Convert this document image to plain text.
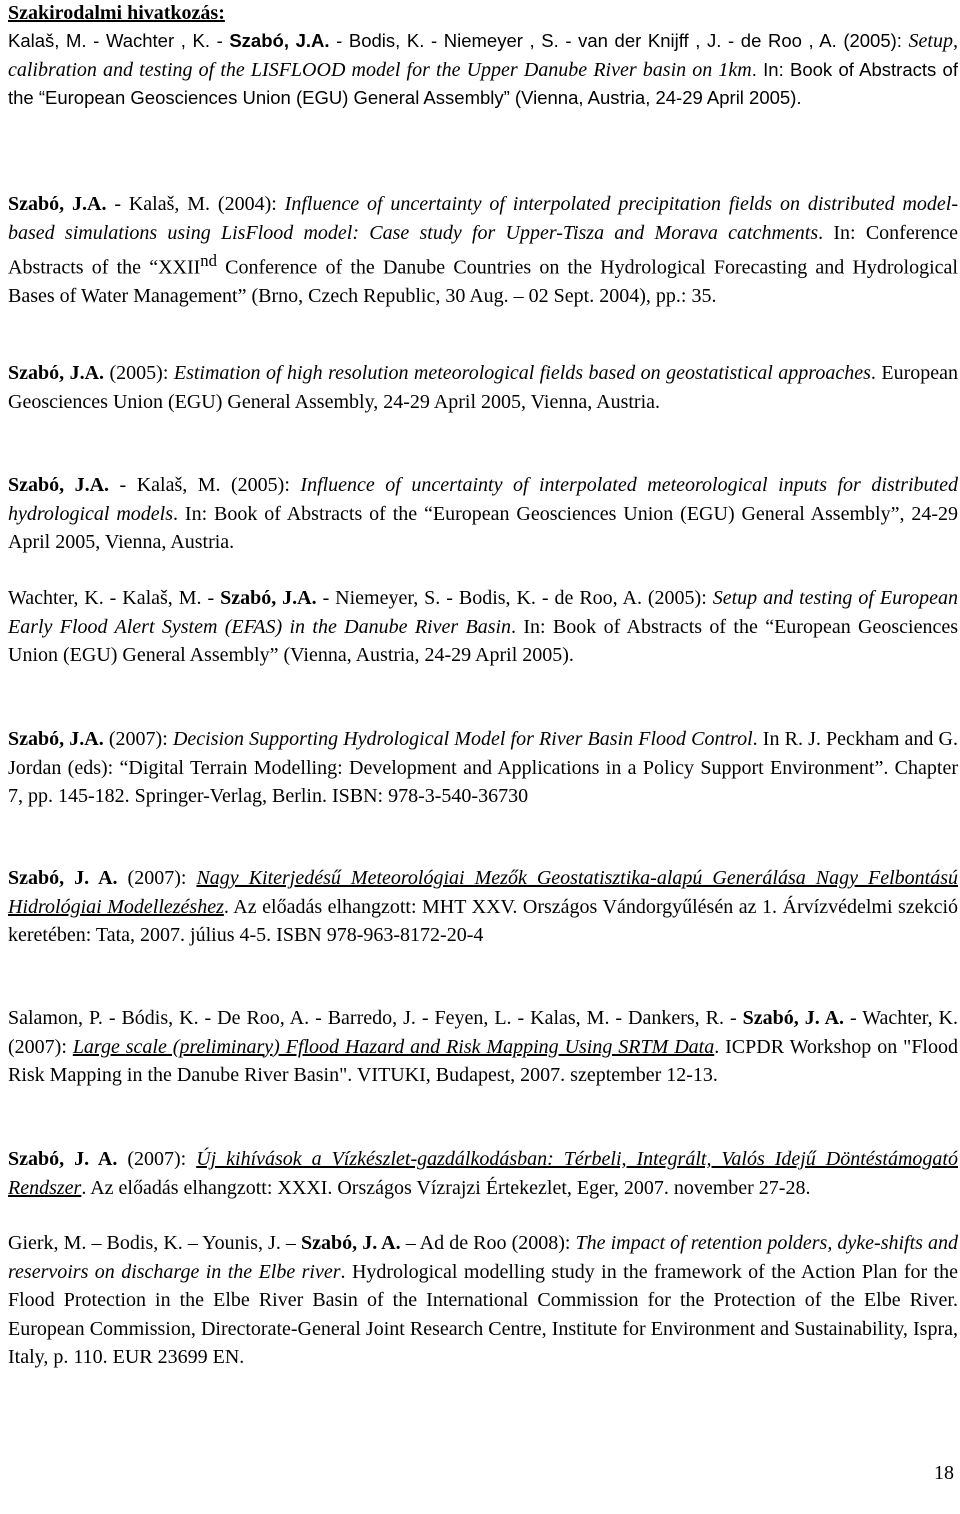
Szakirodalmi hivatkozás:
Kalaš, M. - Wachter , K. - Szabó, J.A. - Bodis, K. - Niemeyer , S. - van der Knijff , J. - de Roo , A. (2005): Setup, calibration and testing of the LISFLOOD model for the Upper Danube River basin on 1km. In: Book of Abstracts of the “European Geosciences Union (EGU) General Assembly” (Vienna, Austria, 24-29 April 2005).
Szabó, J.A. - Kalaš, M. (2004): Influence of uncertainty of interpolated precipitation fields on distributed model-based simulations using LisFlood model: Case study for Upper-Tisza and Morava catchments. In: Conference Abstracts of the “XXIInd Conference of the Danube Countries on the Hydrological Forecasting and Hydrological Bases of Water Management” (Brno, Czech Republic, 30 Aug. – 02 Sept. 2004), pp.: 35.
Szabó, J.A. (2005): Estimation of high resolution meteorological fields based on geostatistical approaches. European Geosciences Union (EGU) General Assembly, 24-29 April 2005, Vienna, Austria.
Szabó, J.A. - Kalaš, M. (2005): Influence of uncertainty of interpolated meteorological inputs for distributed hydrological models. In: Book of Abstracts of the “European Geosciences Union (EGU) General Assembly”, 24-29 April 2005, Vienna, Austria.
Wachter, K. - Kalaš, M. - Szabó, J.A. - Niemeyer, S. - Bodis, K. - de Roo, A. (2005): Setup and testing of European Early Flood Alert System (EFAS) in the Danube River Basin. In: Book of Abstracts of the “European Geosciences Union (EGU) General Assembly” (Vienna, Austria, 24-29 April 2005).
Szabó, J.A. (2007): Decision Supporting Hydrological Model for River Basin Flood Control. In R. J. Peckham and G. Jordan (eds): “Digital Terrain Modelling: Development and Applications in a Policy Support Environment”. Chapter 7, pp. 145-182. Springer-Verlag, Berlin. ISBN: 978-3-540-36730
Szabó, J. A. (2007): Nagy Kiterjedésű Meteorológiai Mezők Geostatisztika-alapú Generálása Nagy Felbontású Hidrológiai Modellezéshez. Az előadás elhangzott: MHT XXV. Országos Vándorgyűlésén az 1. Árvízvédelmi szekció keretében: Tata, 2007. július 4-5. ISBN 978-963-8172-20-4
Salamon, P. - Bódis, K. - De Roo, A. - Barredo, J. - Feyen, L. - Kalas, M. - Dankers, R. - Szabó, J. A. - Wachter, K. (2007): Large scale (preliminary) Fflood Hazard and Risk Mapping Using SRTM Data. ICPDR Workshop on "Flood Risk Mapping in the Danube River Basin". VITUKI, Budapest, 2007. szeptember 12-13.
Szabó, J. A. (2007): Új kihívások a Vízkészlet-gazdálkodásban: Térbeli, Integrált, Valós Idejű Döntéstámogató Rendszer. Az előadás elhangzott: XXXI. Országos Vízrajzi Értekezlet, Eger, 2007. november 27-28.
Gierk, M. – Bodis, K. – Younis, J. – Szabó, J. A. – Ad de Roo (2008): The impact of retention polders, dyke-shifts and reservoirs on discharge in the Elbe river. Hydrological modelling study in the framework of the Action Plan for the Flood Protection in the Elbe River Basin of the International Commission for the Protection of the Elbe River. European Commission, Directorate-General Joint Research Centre, Institute for Environment and Sustainability, Ispra, Italy, p. 110. EUR 23699 EN.
18
